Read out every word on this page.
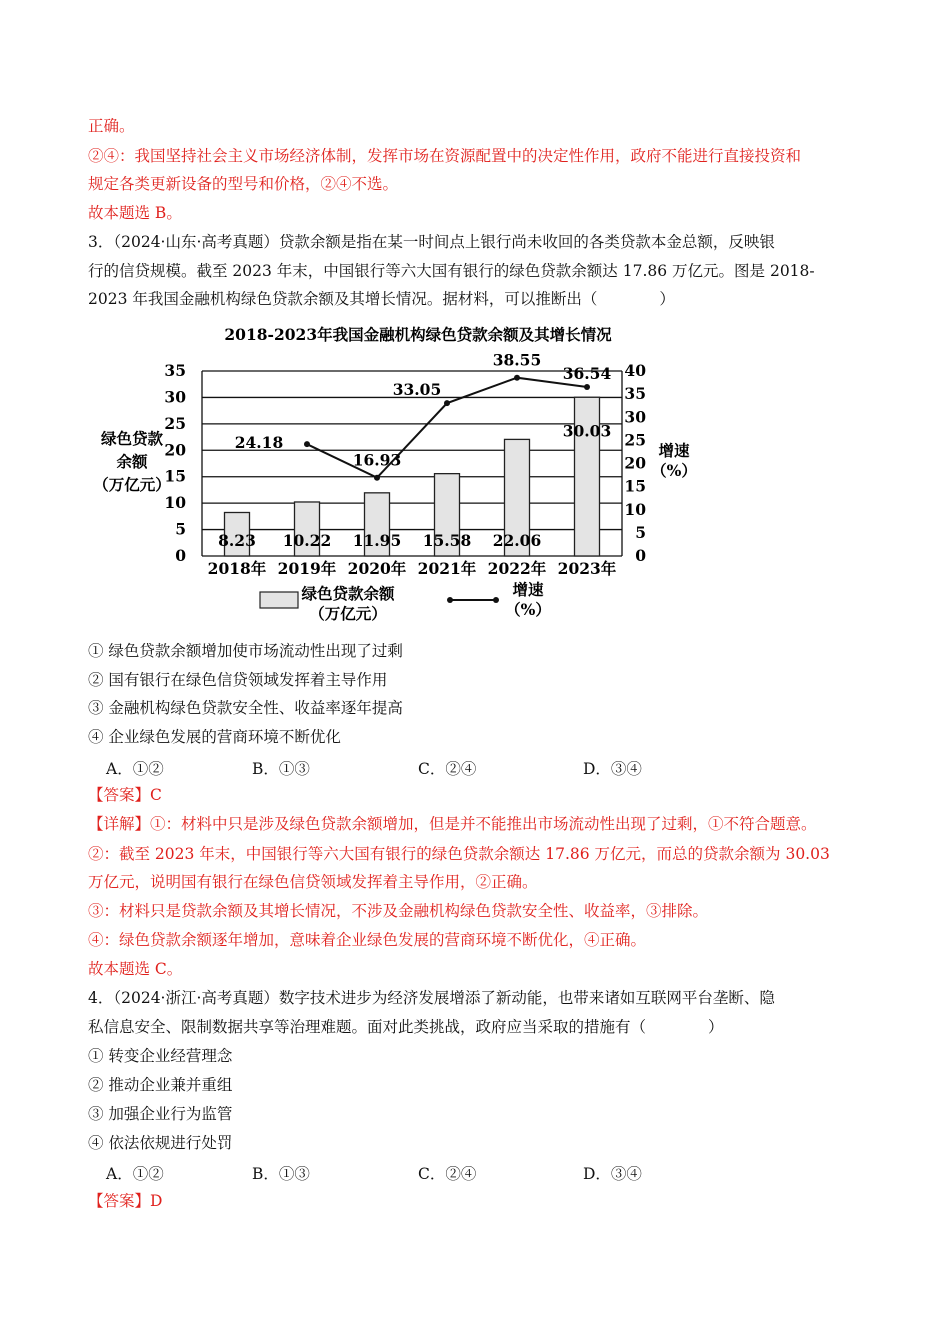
正确。
②④：我国坚持社会主义市场经济体制，发挥市场在资源配置中的决定性作用，政府不能进行直接投资和
规定各类更新设备的型号和价格，②④不选。
故本题选 B。
3．（2024·山东·高考真题）贷款余额是指在某一时间点上银行尚未收回的各类贷款本金总额，反映银
行的信贷规模。截至 2023 年末，中国银行等六大国有银行的绿色贷款余额达 17.86 万亿元。图是 2018-
2023 年我国金融机构绿色贷款余额及其增长情况。据材料，可以推断出（　　　　）
2018-2023年我国金融机构绿色贷款余额及其增长情况
8.23 10.22 11.95 15.58 22.06
30.03
24.18
16.93
33.05
38.55
36.54
0
5
10
15
20
25
30
35
0
5
10
15
20
25
30
35
40
2018年 2019年 2020年 2021年 2022年 2023年
绿色贷款
余额
（万亿元）
增速
（%）
绿色贷款余额
（万亿元）
增速
（%）
① 绿色贷款余额增加使市场流动性出现了过剩
② 国有银行在绿色信贷领域发挥着主导作用
③ 金融机构绿色贷款安全性、收益率逐年提高
④ 企业绿色发展的营商环境不断优化
A．①②	B．①③	C．②④	D．③④
【答案】C
【详解】①：材料中只是涉及绿色贷款余额增加，但是并不能推出市场流动性出现了过剩，①不符合题意。
②：截至 2023 年末，中国银行等六大国有银行的绿色贷款余额达 17.86 万亿元，而总的贷款余额为 30.03
万亿元，说明国有银行在绿色信贷领域发挥着主导作用，②正确。
③：材料只是贷款余额及其增长情况，不涉及金融机构绿色贷款安全性、收益率，③排除。
④：绿色贷款余额逐年增加，意味着企业绿色发展的营商环境不断优化，④正确。
故本题选 C。
4．（2024·浙江·高考真题）数字技术进步为经济发展增添了新动能，也带来诸如互联网平台垄断、隐
私信息安全、限制数据共享等治理难题。面对此类挑战，政府应当采取的措施有（　　　　）
① 转变企业经营理念
② 推动企业兼并重组
③ 加强企业行为监管
④ 依法依规进行处罚
A．①②	B．①③	C．②④	D．③④
【答案】D
